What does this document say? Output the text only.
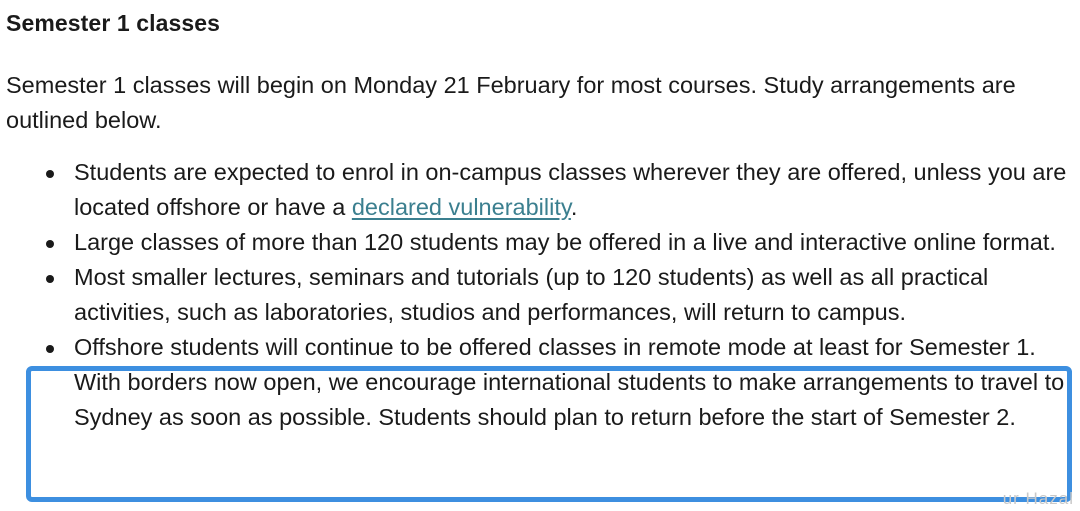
Semester 1 classes

Semester 1 classes will begin on Monday 21 February for most courses. Study arrangements are outlined below.

Students are expected to enrol in on-campus classes wherever they are offered, unless you are located offshore or have a declared vulnerability.
Large classes of more than 120 students may be offered in a live and interactive online format.
Most smaller lectures, seminars and tutorials (up to 120 students) as well as all practical activities, such as laboratories, studios and performances, will return to campus.
Offshore students will continue to be offered classes in remote mode at least for Semester 1. With borders now open, we encourage international students to make arrangements to travel to Sydney as soon as possible. Students should plan to return before the start of Semester 2.
ur Hazal
